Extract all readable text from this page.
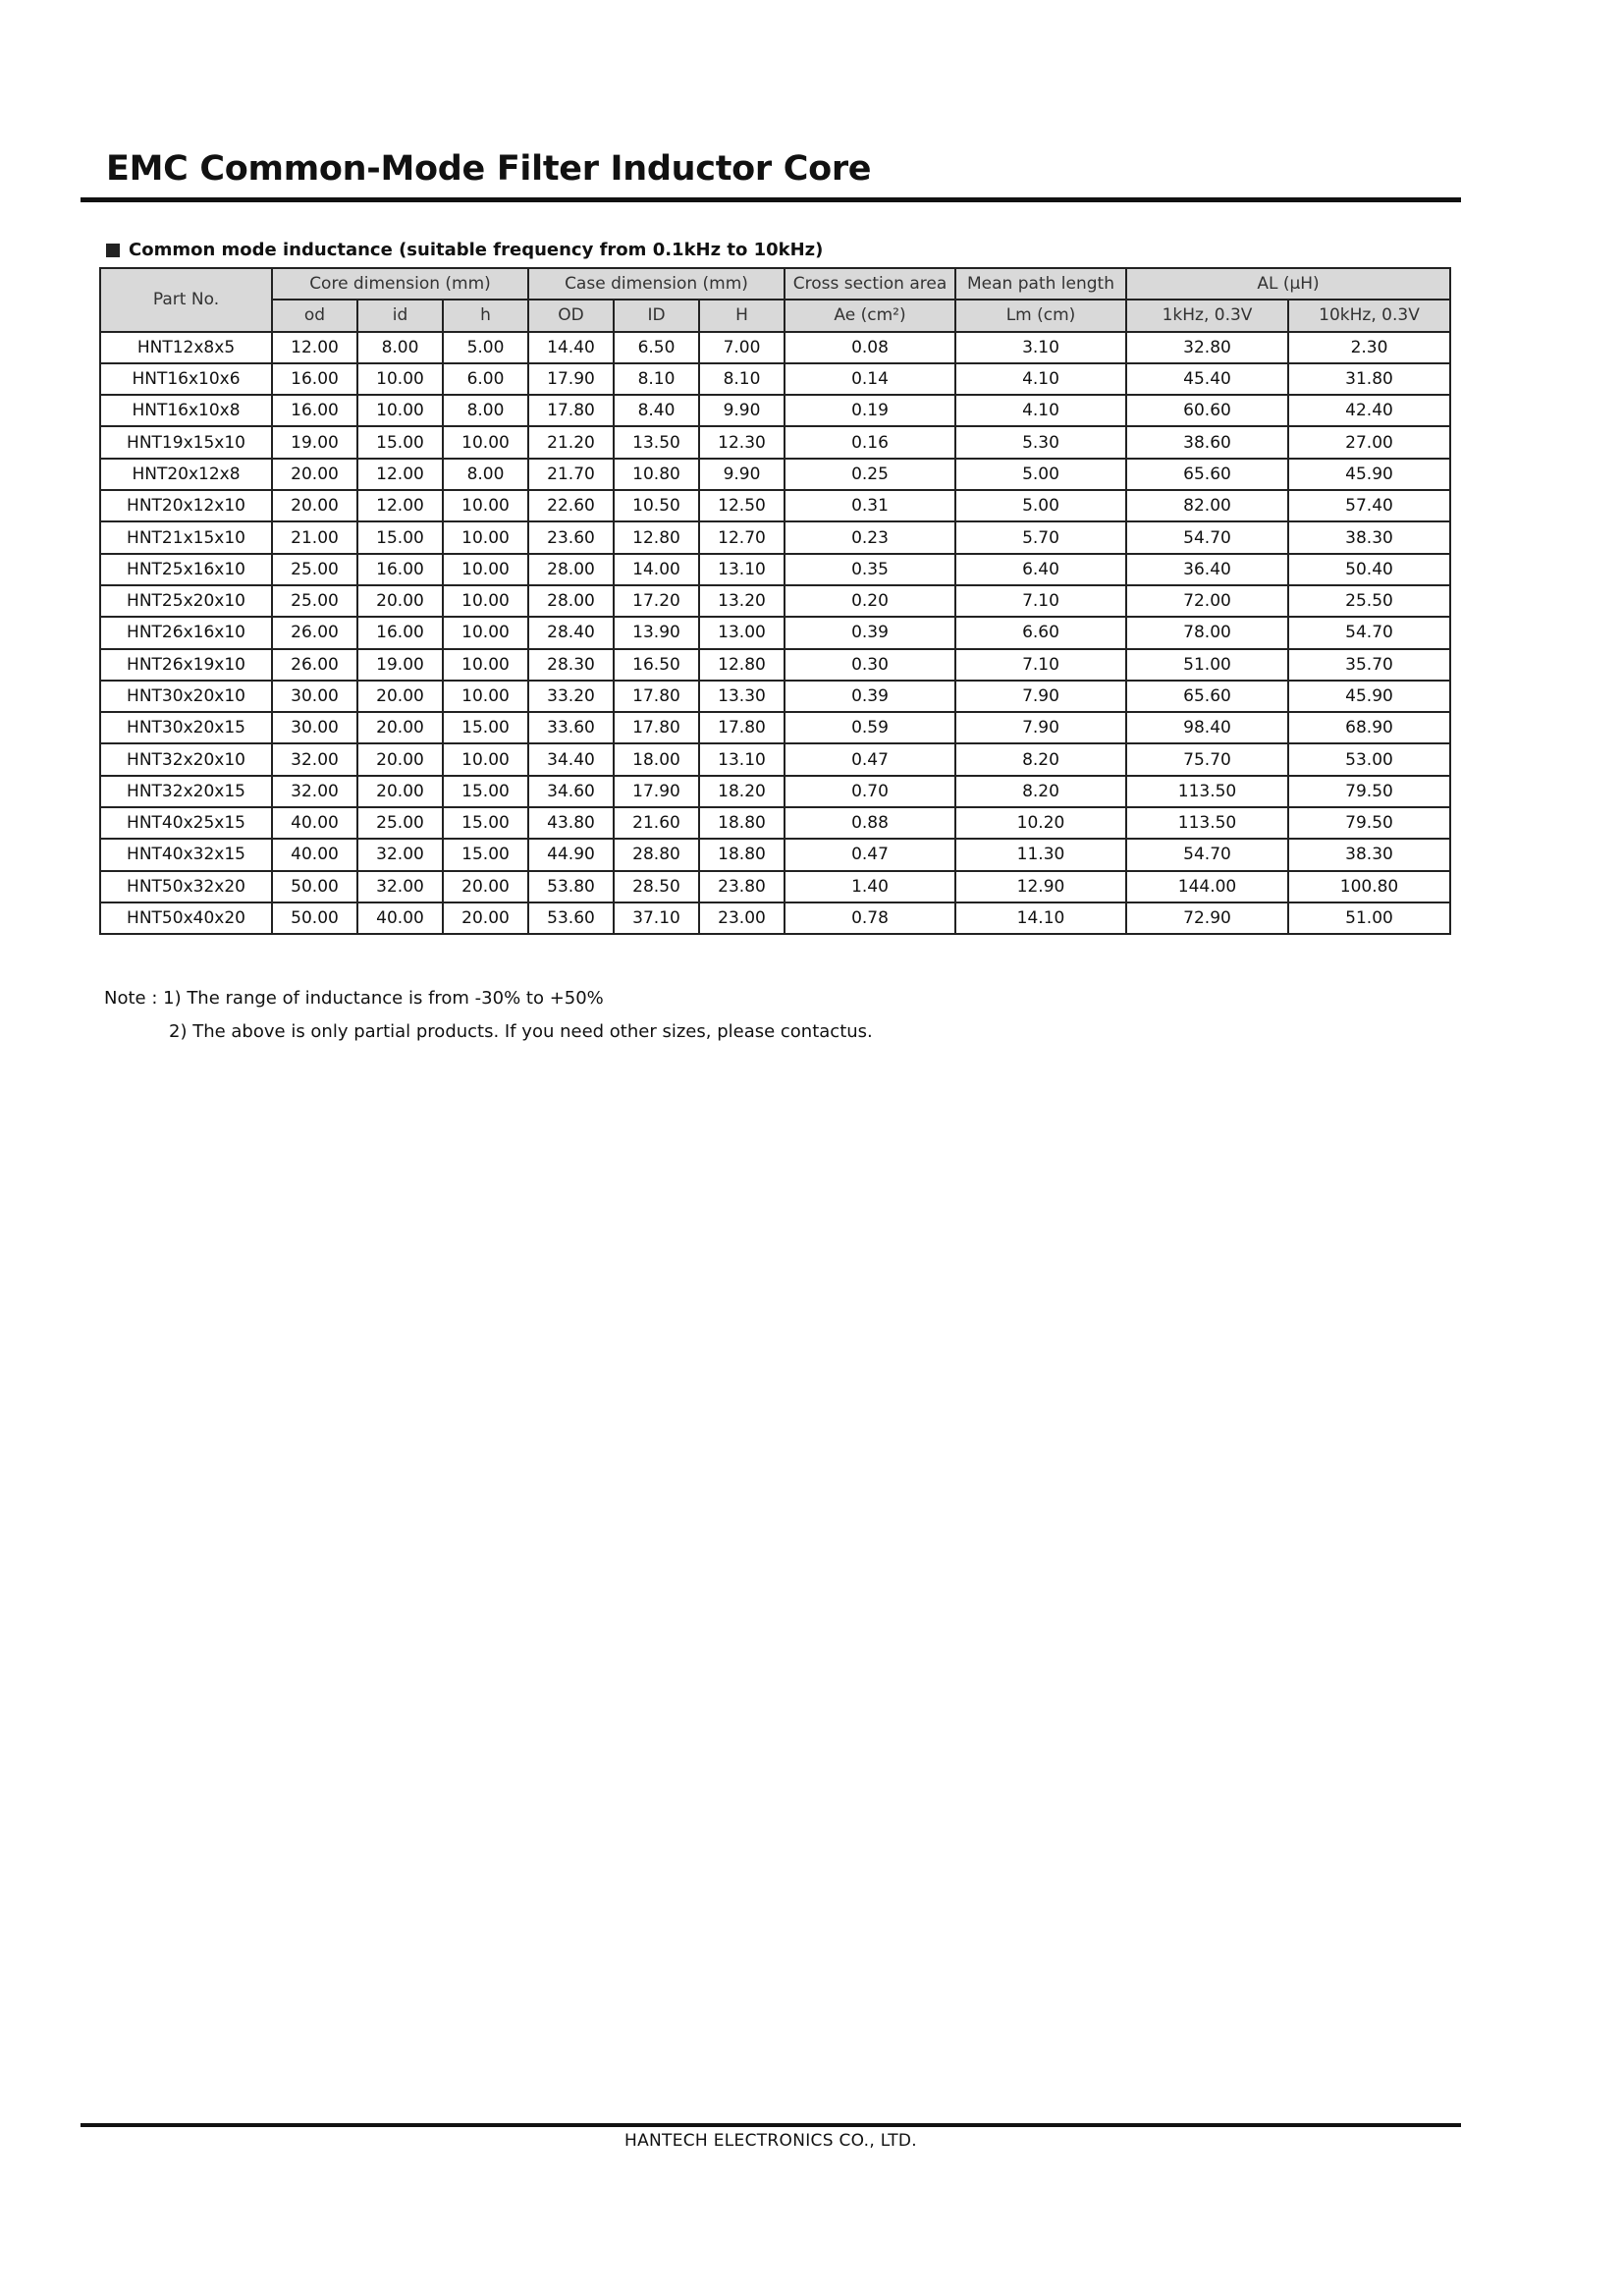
EMC Common-Mode Filter Inductor Core
Common mode inductance (suitable frequency from 0.1kHz to 10kHz)
Part No.	Core dimension (mm)			Case dimension (mm)			Cross section area	Mean path length	AL (μH)	
	od	id	h	OD	ID	H	Ae (cm²)	Lm (cm)	1kHz, 0.3V	10kHz, 0.3V
HNT12x8x5	12.00	8.00	5.00	14.40	6.50	7.00	0.08	3.10	32.80	2.30
HNT16x10x6	16.00	10.00	6.00	17.90	8.10	8.10	0.14	4.10	45.40	31.80
HNT16x10x8	16.00	10.00	8.00	17.80	8.40	9.90	0.19	4.10	60.60	42.40
HNT19x15x10	19.00	15.00	10.00	21.20	13.50	12.30	0.16	5.30	38.60	27.00
HNT20x12x8	20.00	12.00	8.00	21.70	10.80	9.90	0.25	5.00	65.60	45.90
HNT20x12x10	20.00	12.00	10.00	22.60	10.50	12.50	0.31	5.00	82.00	57.40
HNT21x15x10	21.00	15.00	10.00	23.60	12.80	12.70	0.23	5.70	54.70	38.30
HNT25x16x10	25.00	16.00	10.00	28.00	14.00	13.10	0.35	6.40	36.40	50.40
HNT25x20x10	25.00	20.00	10.00	28.00	17.20	13.20	0.20	7.10	72.00	25.50
HNT26x16x10	26.00	16.00	10.00	28.40	13.90	13.00	0.39	6.60	78.00	54.70
HNT26x19x10	26.00	19.00	10.00	28.30	16.50	12.80	0.30	7.10	51.00	35.70
HNT30x20x10	30.00	20.00	10.00	33.20	17.80	13.30	0.39	7.90	65.60	45.90
HNT30x20x15	30.00	20.00	15.00	33.60	17.80	17.80	0.59	7.90	98.40	68.90
HNT32x20x10	32.00	20.00	10.00	34.40	18.00	13.10	0.47	8.20	75.70	53.00
HNT32x20x15	32.00	20.00	15.00	34.60	17.90	18.20	0.70	8.20	113.50	79.50
HNT40x25x15	40.00	25.00	15.00	43.80	21.60	18.80	0.88	10.20	113.50	79.50
HNT40x32x15	40.00	32.00	15.00	44.90	28.80	18.80	0.47	11.30	54.70	38.30
HNT50x32x20	50.00	32.00	20.00	53.80	28.50	23.80	1.40	12.90	144.00	100.80
HNT50x40x20	50.00	40.00	20.00	53.60	37.10	23.00	0.78	14.10	72.90	51.00
Note : 1) The range of inductance is from -30% to +50%
2) The above is only partial products. If you need other sizes, please contactus.
HANTECH ELECTRONICS CO., LTD.
